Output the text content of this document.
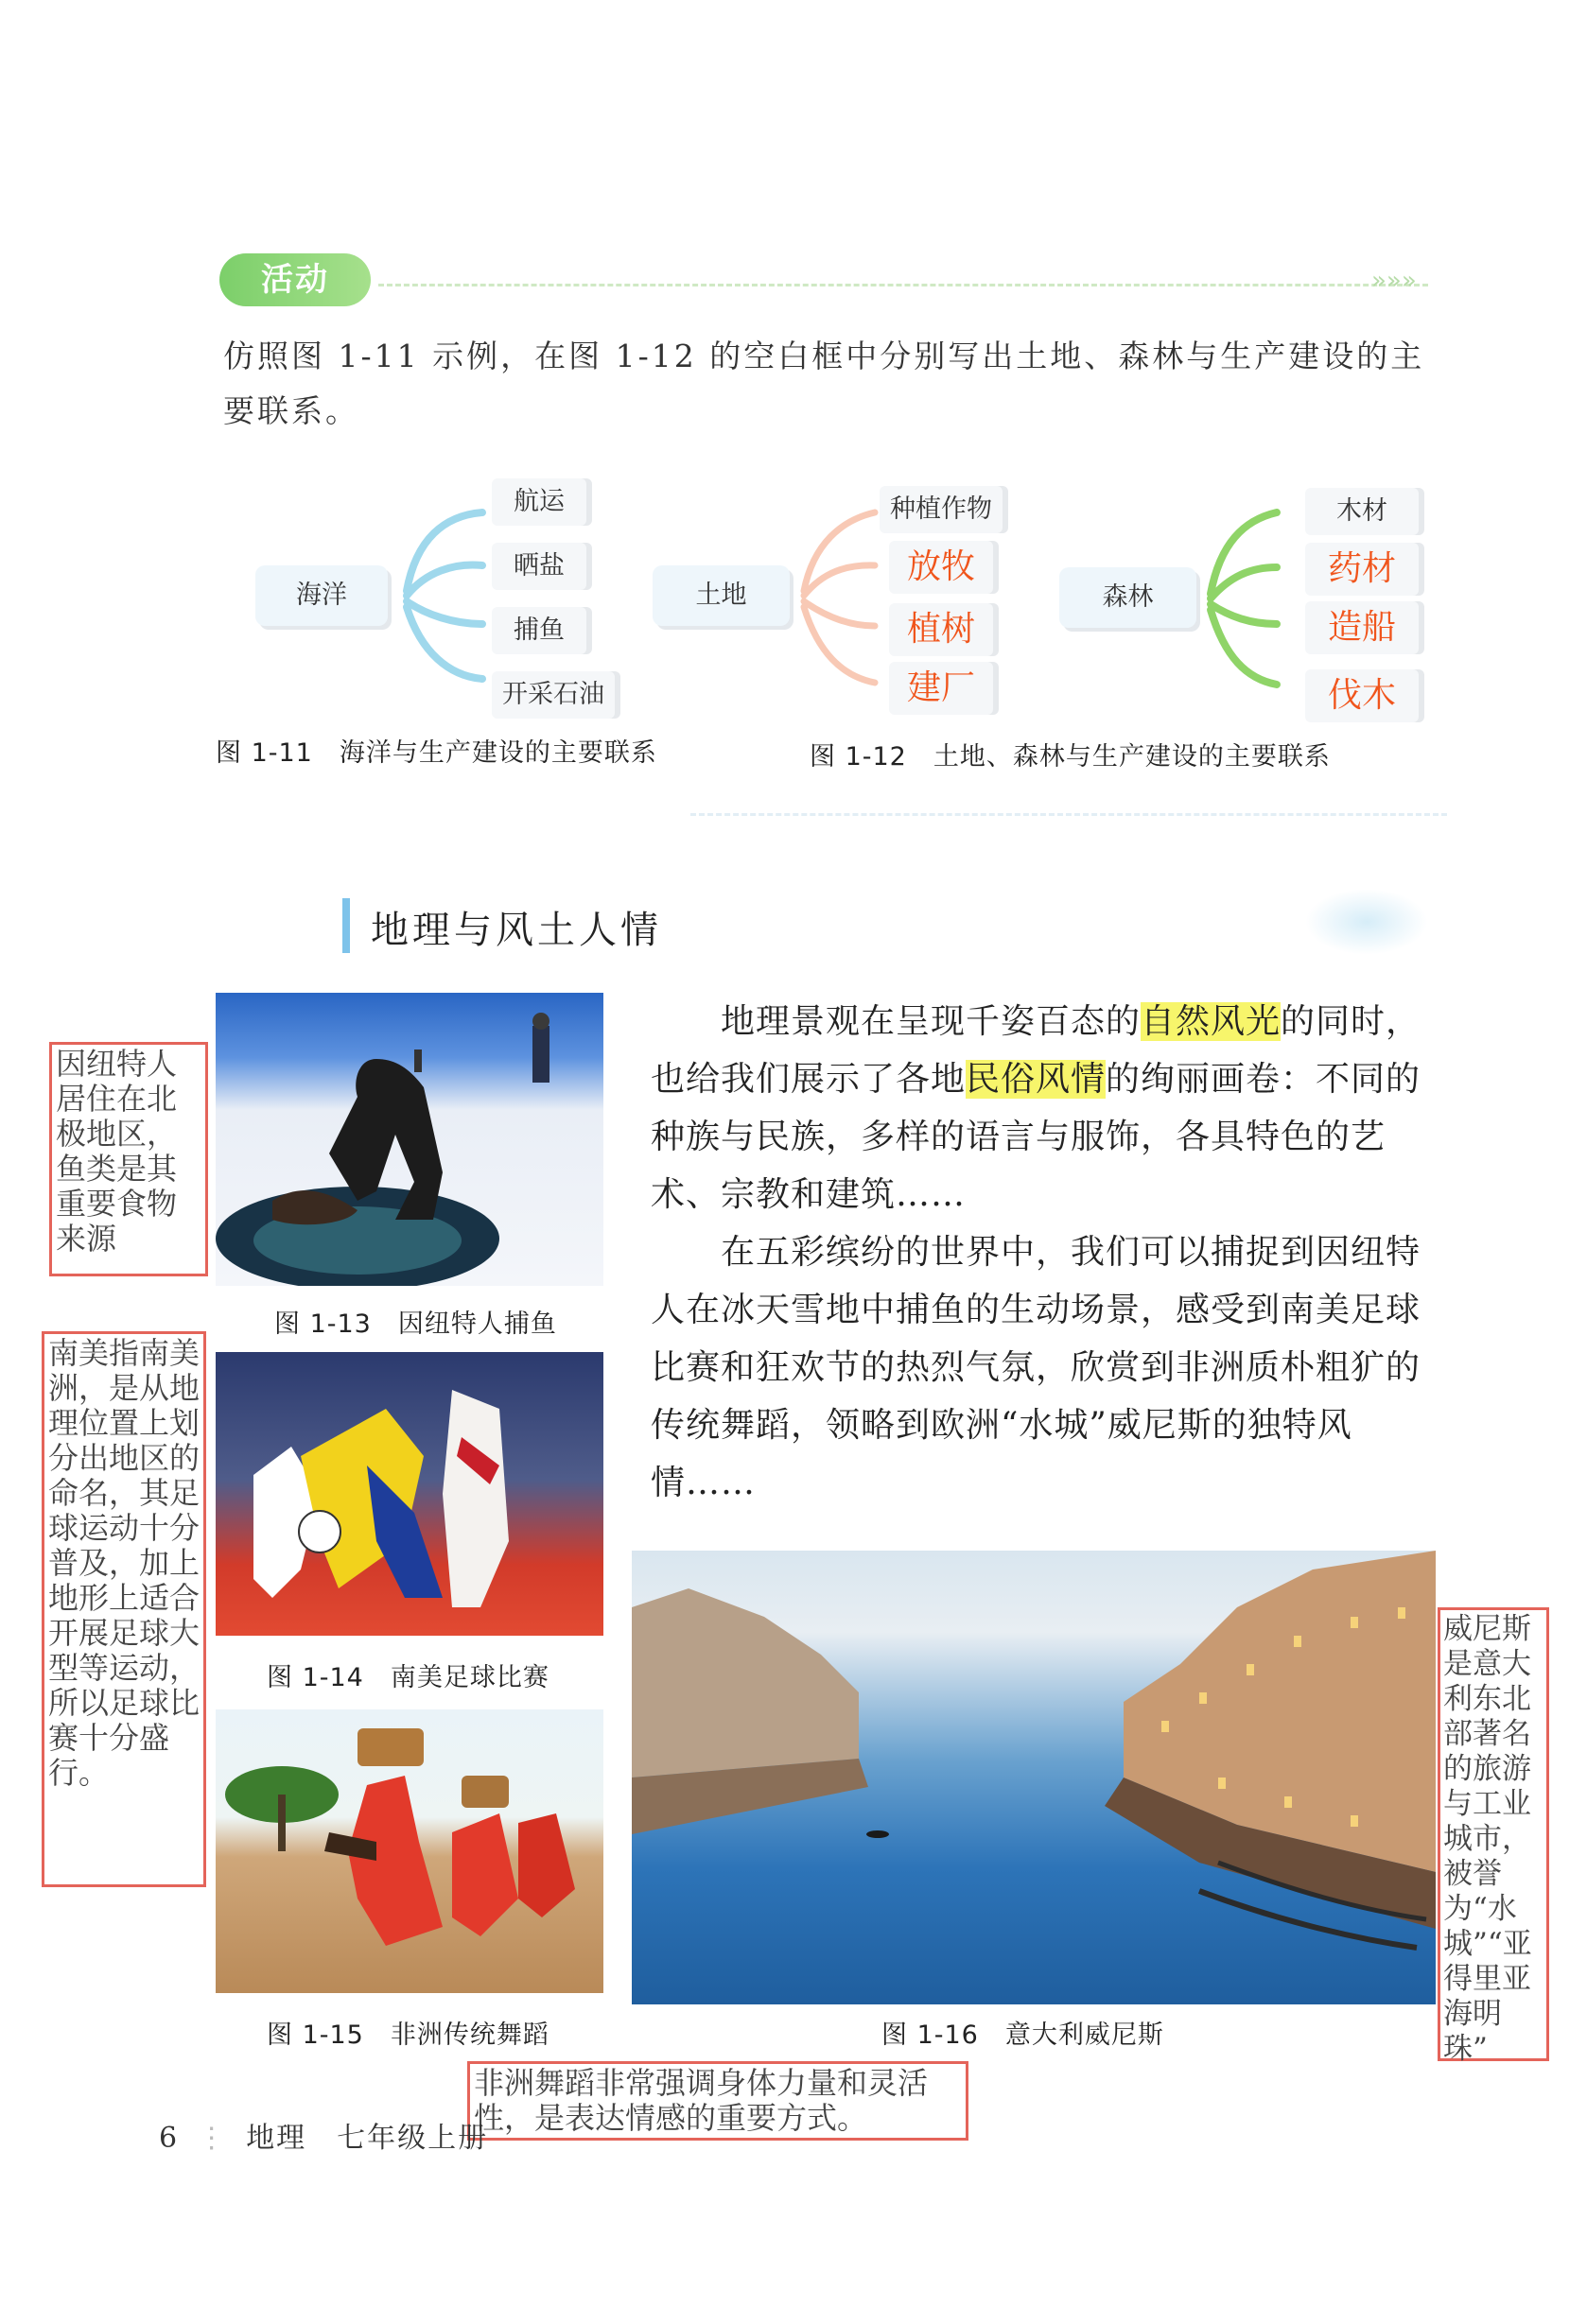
活动	»»»
仿照图 1-11 示例，在图 1-12 的空白框中分别写出土地、森林与生产建设的主要联系。
海洋
航运
晒盐
捕鱼
开采石油
图 1-11　海洋与生产建设的主要联系
土地
种植作物
放牧
植树
建厂
森林
木材
药材
造船
伐木
图 1-12　土地、森林与生产建设的主要联系
地理与风土人情
图 1-13　因纽特人捕鱼
图 1-14　南美足球比赛
图 1-15　非洲传统舞蹈	图 1-16　意大利威尼斯

地理景观在呈现千姿百态的自然风光的同时，也给我们展示了各地民俗风情的绚丽画卷：不同的种族与民族，多样的语言与服饰，各具特色的艺术、宗教和建筑……

在五彩缤纷的世界中，我们可以捕捉到因纽特人在冰天雪地中捕鱼的生动场景，感受到南美足球比赛和狂欢节的热烈气氛，欣赏到非洲质朴粗犷的传统舞蹈，领略到欧洲“水城”威尼斯的独特风情……

因纽特人居住在北极地区，鱼类是其重要食物来源
南美指南美洲，是从地理位置上划分出地区的命名，其足球运动十分普及，加上地形上适合开展足球大型等运动，所以足球比赛十分盛行。
威尼斯是意大利东北部著名的旅游与工业城市，被誉为“水城”“亚得里亚海明珠”
非洲舞蹈非常强调身体力量和灵活性，是表达情感的重要方式。
6 ⋮ 地理　七年级上册
